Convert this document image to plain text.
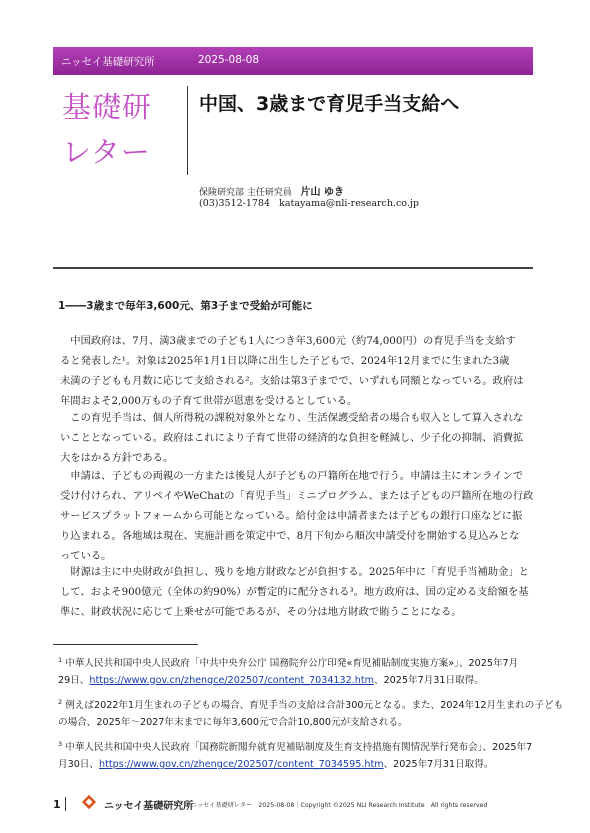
ニッセイ基礎研究所	2025-08-08
基礎研
レター
中国、3歳まで育児手当支給へ
保険研究部 主任研究員 片山 ゆき
(03)3512-1784 katayama@nli-research.co.jp
1――3歳まで毎年3,600元、第3子まで受給が可能に
中国政府は、7月、満3歳までの子ども1人につき年3,600元（約74,000円）の育児手当を支給す
ると発表した¹。対象は2025年1月1日以降に出生した子どもで、2024年12月までに生まれた3歳
未満の子どもも月数に応じて支給される²。支給は第3子までで、いずれも同額となっている。政府は
年間およそ2,000万もの子育て世帯が恩恵を受けるとしている。
この育児手当は、個人所得税の課税対象外となり、生活保護受給者の場合も収入として算入されな
いこととなっている。政府はこれにより子育て世帯の経済的な負担を軽減し、少子化の抑制、消費拡
大をはかる方針である。
申請は、子どもの両親の一方または後見人が子どもの戸籍所在地で行う。申請は主にオンラインで
受け付けられ、アリペイやWeChatの「育児手当」ミニプログラム、または子どもの戸籍所在地の行政
サービスプラットフォームから可能となっている。給付金は申請者または子どもの銀行口座などに振
り込まれる。各地域は現在、実施計画を策定中で、8月下旬から順次申請受付を開始する見込みとな
っている。
財源は主に中央財政が負担し、残りを地方財政などが負担する。2025年中に「育児手当補助金」と
して、およそ900億元（全体の約90%）が暫定的に配分される³。地方政府は、国の定める支給額を基
準に、財政状況に応じて上乗せが可能であるが、その分は地方財政で賄うことになる。
$^1$ 中華人民共和国中央人民政府「中共中央弁公庁 国務院弁公庁印発«育児補貼制度実施方案»」、2025年7月
29日、https://www.gov.cn/zhengce/202507/content_7034132.htm、2025年7月31日取得。
$^2$ 例えば2022年1月生まれの子どもの場合、育児手当の支給は合計300元となる。また、2024年12月生まれの子ども
の場合、2025年～2027年末までに毎年3,600元で合計10,800元が支給される。
$^3$ 中華人民共和国中央人民政府「国務院新聞弁就育児補貼制度及生育支持措施有関情況挙行発布会」、2025年7
月30日、https://www.gov.cn/zhengce/202507/content_7034595.htm、2025年7月31日取得。
1	ニッセイ基礎研究所
ニッセイ基礎研レター　2025-08-08｜Copyright ©2025 NLI Research Institute　All rights reserved
